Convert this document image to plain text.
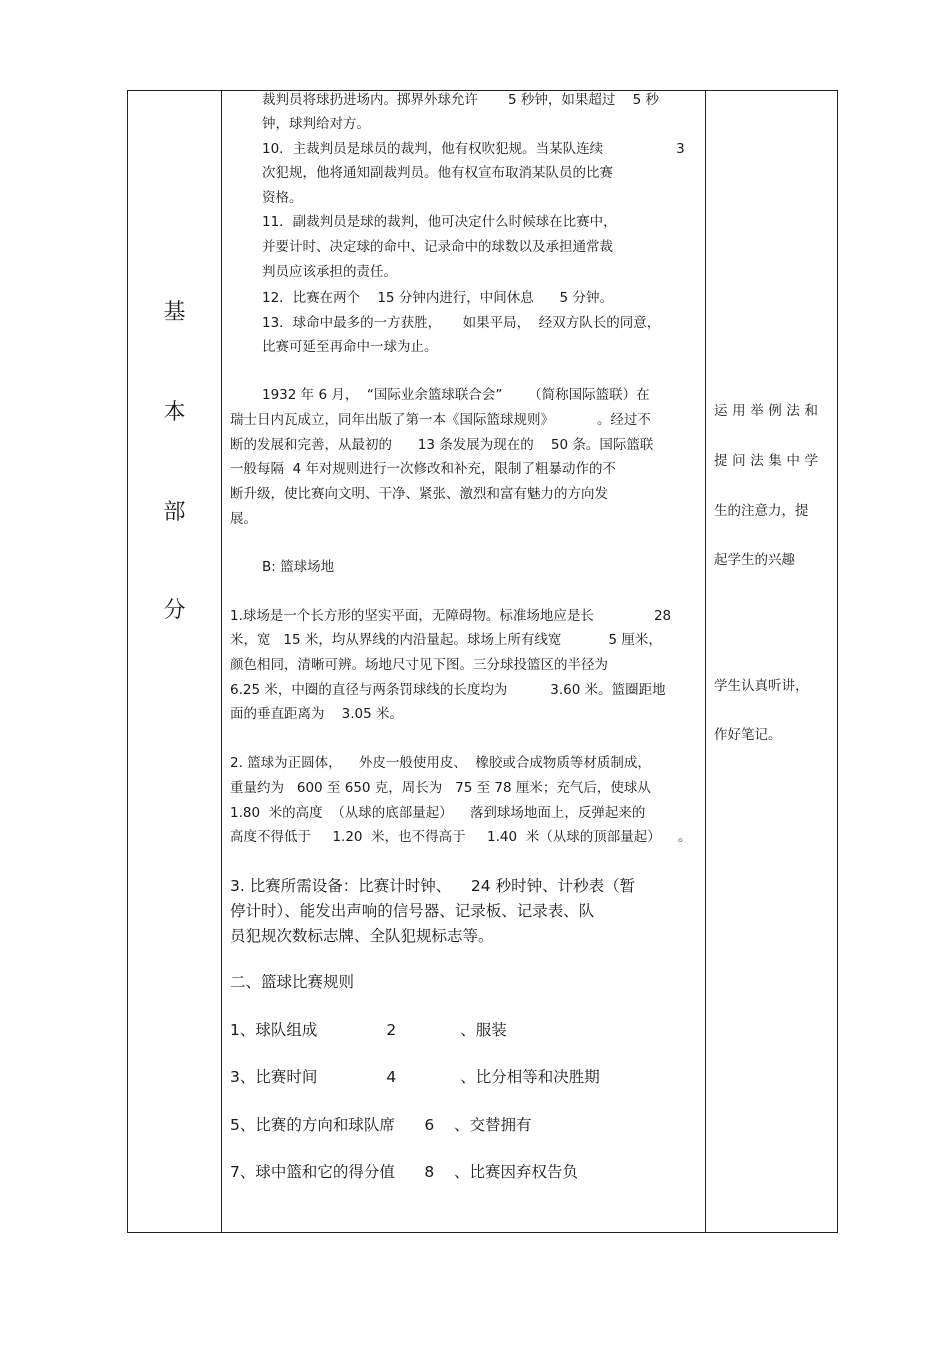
基
本
部
分
裁判员将球扔进场内。掷界外球允许       5 秒钟，如果超过    5 秒
钟，球判给对方。
10．主裁判员是球员的裁判，他有权吹犯规。当某队连续                 3
次犯规，他将通知副裁判员。他有权宣布取消某队员的比赛
资格。
11．副裁判员是球的裁判，他可决定什么时候球在比赛中，
并要计时、决定球的命中、记录命中的球数以及承担通常裁
判员应该承担的责任。
12．比赛在两个    15 分钟内进行，中间休息      5 分钟。
13．球命中最多的一方获胜，     如果平局，  经双方队长的同意，
比赛可延至再命中一球为止。
1932 年 6 月，  “国际业余篮球联合会”      （简称国际篮联）在
瑞士日内瓦成立，同年出版了第一本《国际篮球规则》          。经过不
断的发展和完善，从最初的      13 条发展为现在的    50 条。国际篮联
一般每隔  4 年对规则进行一次修改和补充，限制了粗暴动作的不
断升级，使比赛向文明、干净、紧张、激烈和富有魅力的方向发
展。
B: 篮球场地
1.球场是一个长方形的坚实平面，无障碍物。标准场地应是长              28
米，宽   15 米，均从界线的内沿量起。球场上所有线宽           5 厘米，
颜色相同，清晰可辨。场地尺寸见下图。三分球投篮区的半径为
6.25 米，中圈的直径与两条罚球线的长度均为          3.60 米。篮圈距地
面的垂直距离为    3.05 米。
2. 篮球为正圆体，    外皮一般使用皮、  橡胶或合成物质等材质制成，
重量约为   600 至 650 克，周长为   75 至 78 厘米；充气后，使球从
1.80  米的高度  （从球的底部量起）    落到球场地面上，反弹起来的
高度不得低于     1.20  米，也不得高于     1.40  米（从球的顶部量起）    。
3. 比赛所需设备：比赛计时钟、    24 秒时钟、计秒表（暂
停计时）、能发出声响的信号器、记录板、记录表、队
员犯规次数标志牌、全队犯规标志等。
二、篮球比赛规则
1、球队组成              2             、服装
3、比赛时间              4             、比分相等和决胜期
5、比赛的方向和球队席      6    、交替拥有
7、球中篮和它的得分值      8    、比赛因弃权告负
运用举例法和
提问法集中学
生的注意力，提
起学生的兴趣
学生认真听讲，
作好笔记。
